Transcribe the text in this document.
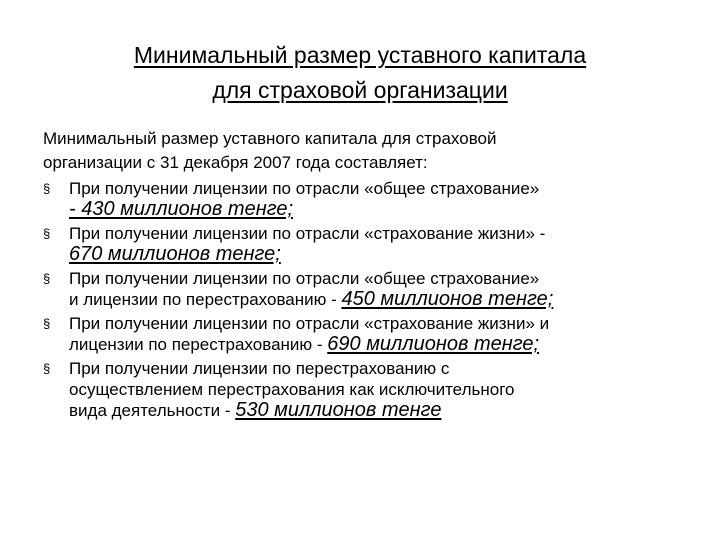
Минимальный размер уставного капитала
для страховой организации

Минимальный размер уставного капитала для страховой
организации с 31 декабря 2007 года составляет:

§	При получении лицензии по отрасли «общее страхование»
- 430 миллионов тенге;
§	При получении лицензии по отрасли «страхование жизни» -
670 миллионов тенге;
§	При получении лицензии по отрасли «общее страхование»
и лицензии по перестрахованию - 450 миллионов тенге;
§	При получении лицензии по отрасли «страхование жизни» и
лицензии по перестрахованию - 690 миллионов тенге;
§	При получении лицензии по перестрахованию с
осуществлением перестрахования как исключительного
вида деятельности - 530 миллионов тенге
